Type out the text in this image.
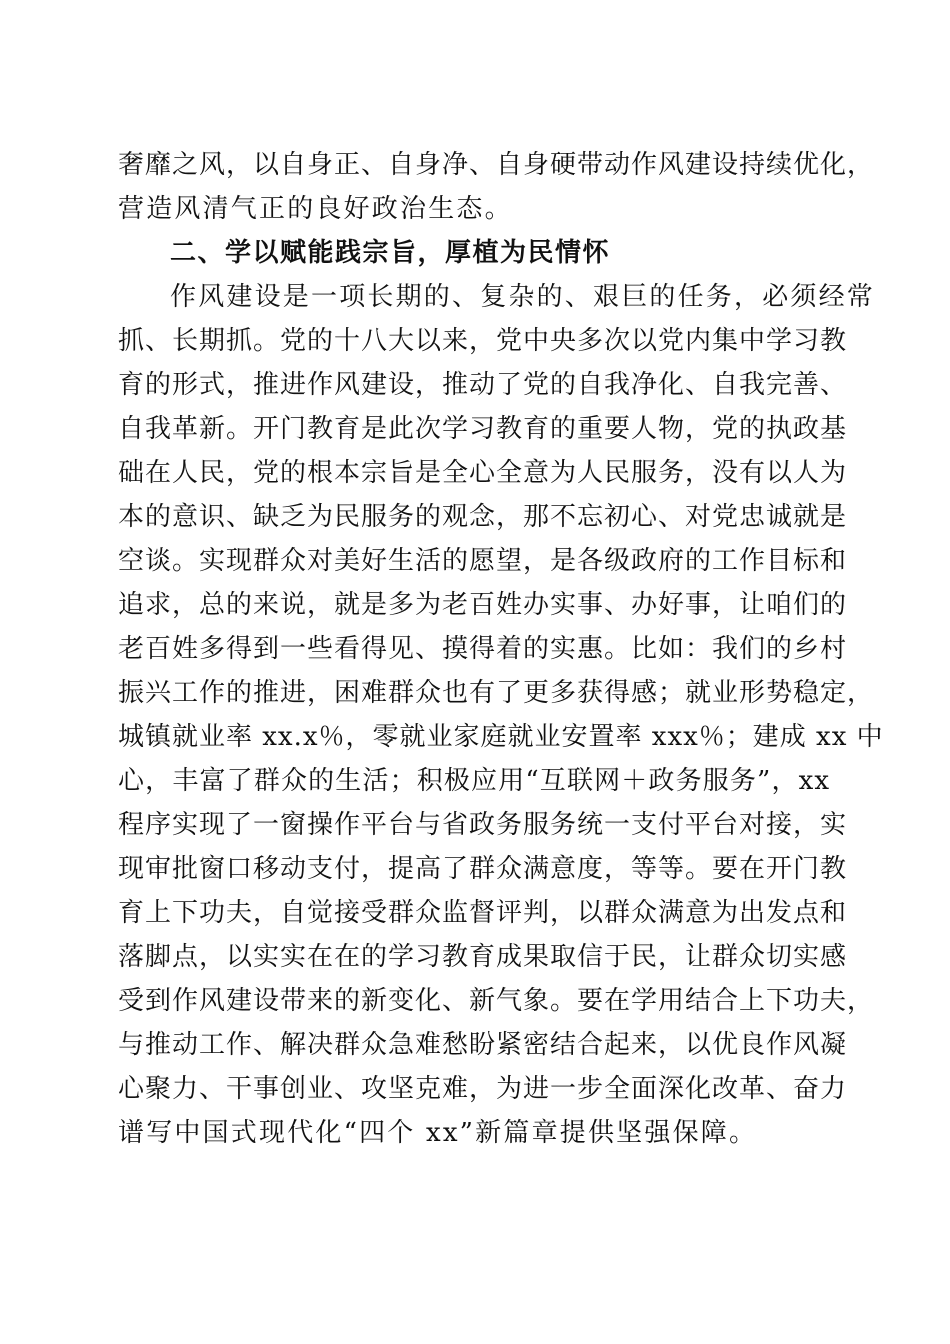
奢靡之风，以自身正、自身净、自身硬带动作风建设持续优化，
营造风清气正的良好政治生态。
二、学以赋能践宗旨，厚植为民情怀
作风建设是一项长期的、复杂的、艰巨的任务，必须经常
抓、长期抓。党的十八大以来，党中央多次以党内集中学习教
育的形式，推进作风建设，推动了党的自我净化、自我完善、
自我革新。开门教育是此次学习教育的重要人物，党的执政基
础在人民，党的根本宗旨是全心全意为人民服务，没有以人为
本的意识、缺乏为民服务的观念，那不忘初心、对党忠诚就是
空谈。实现群众对美好生活的愿望，是各级政府的工作目标和
追求，总的来说，就是多为老百姓办实事、办好事，让咱们的
老百姓多得到一些看得见、摸得着的实惠。比如：我们的乡村
振兴工作的推进，困难群众也有了更多获得感；就业形势稳定，
城镇就业率 xx.x％，零就业家庭就业安置率 xxx％；建成 xx 中
心，丰富了群众的生活；积极应用“互联网＋政务服务”，xx
程序实现了一窗操作平台与省政务服务统一支付平台对接，实
现审批窗口移动支付，提高了群众满意度，等等。要在开门教
育上下功夫，自觉接受群众监督评判，以群众满意为出发点和
落脚点，以实实在在的学习教育成果取信于民，让群众切实感
受到作风建设带来的新变化、新气象。要在学用结合上下功夫，
与推动工作、解决群众急难愁盼紧密结合起来，以优良作风凝
心聚力、干事创业、攻坚克难，为进一步全面深化改革、奋力
谱写中国式现代化“四个 xx”新篇章提供坚强保障。
